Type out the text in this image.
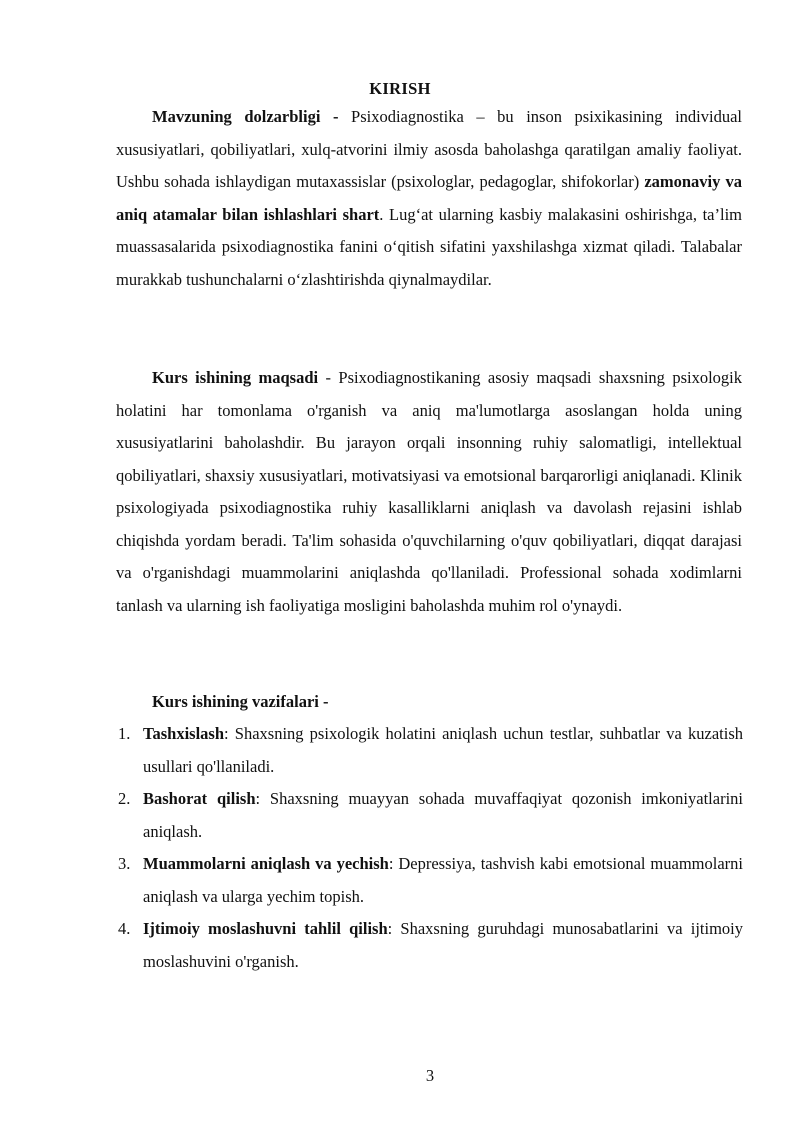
KIRISH

Mavzuning dolzarbligi - Psixodiagnostika – bu inson psixikasining individual xususiyatlari, qobiliyatlari, xulq-atvorini ilmiy asosda baholashga qaratilgan amaliy faoliyat. Ushbu sohada ishlaydigan mutaxassislar (psixologlar, pedagoglar, shifokorlar) zamonaviy va aniq atamalar bilan ishlashlari shart. Lug‘at ularning kasbiy malakasini oshirishga, ta’lim muassasalarida psixodiagnostika fanini o‘qitish sifatini yaxshilashga xizmat qiladi. Talabalar murakkab tushunchalarni o‘zlashtirishda qiynalmaydilar.

Kurs ishining maqsadi - Psixodiagnostikaning asosiy maqsadi shaxsning psixologik holatini har tomonlama o'rganish va aniq ma'lumotlarga asoslangan holda uning xususiyatlarini baholashdir. Bu jarayon orqali insonning ruhiy salomatligi, intellektual qobiliyatlari, shaxsiy xususiyatlari, motivatsiyasi va emotsional barqarorligi aniqlanadi. Klinik psixologiyada psixodiagnostika ruhiy kasalliklarni aniqlash va davolash rejasini ishlab chiqishda yordam beradi. Ta'lim sohasida o'quvchilarning o'quv qobiliyatlari, diqqat darajasi va o'rganishdagi muammolarini aniqlashda qo'llaniladi. Professional sohada xodimlarni tanlash va ularning ish faoliyatiga mosligini baholashda muhim rol o'ynaydi.

Kurs ishining vazifalari -

1. Tashxislash: Shaxsning psixologik holatini aniqlash uchun testlar, suhbatlar va kuzatish usullari qo'llaniladi.
2. Bashorat qilish: Shaxsning muayyan sohada muvaffaqiyat qozonish imkoniyatlarini aniqlash.
3. Muammolarni aniqlash va yechish: Depressiya, tashvish kabi emotsional muammolarni aniqlash va ularga yechim topish.
4. Ijtimoiy moslashuvni tahlil qilish: Shaxsning guruhdagi munosabatlarini va ijtimoiy moslashuvini o'rganish.
3
